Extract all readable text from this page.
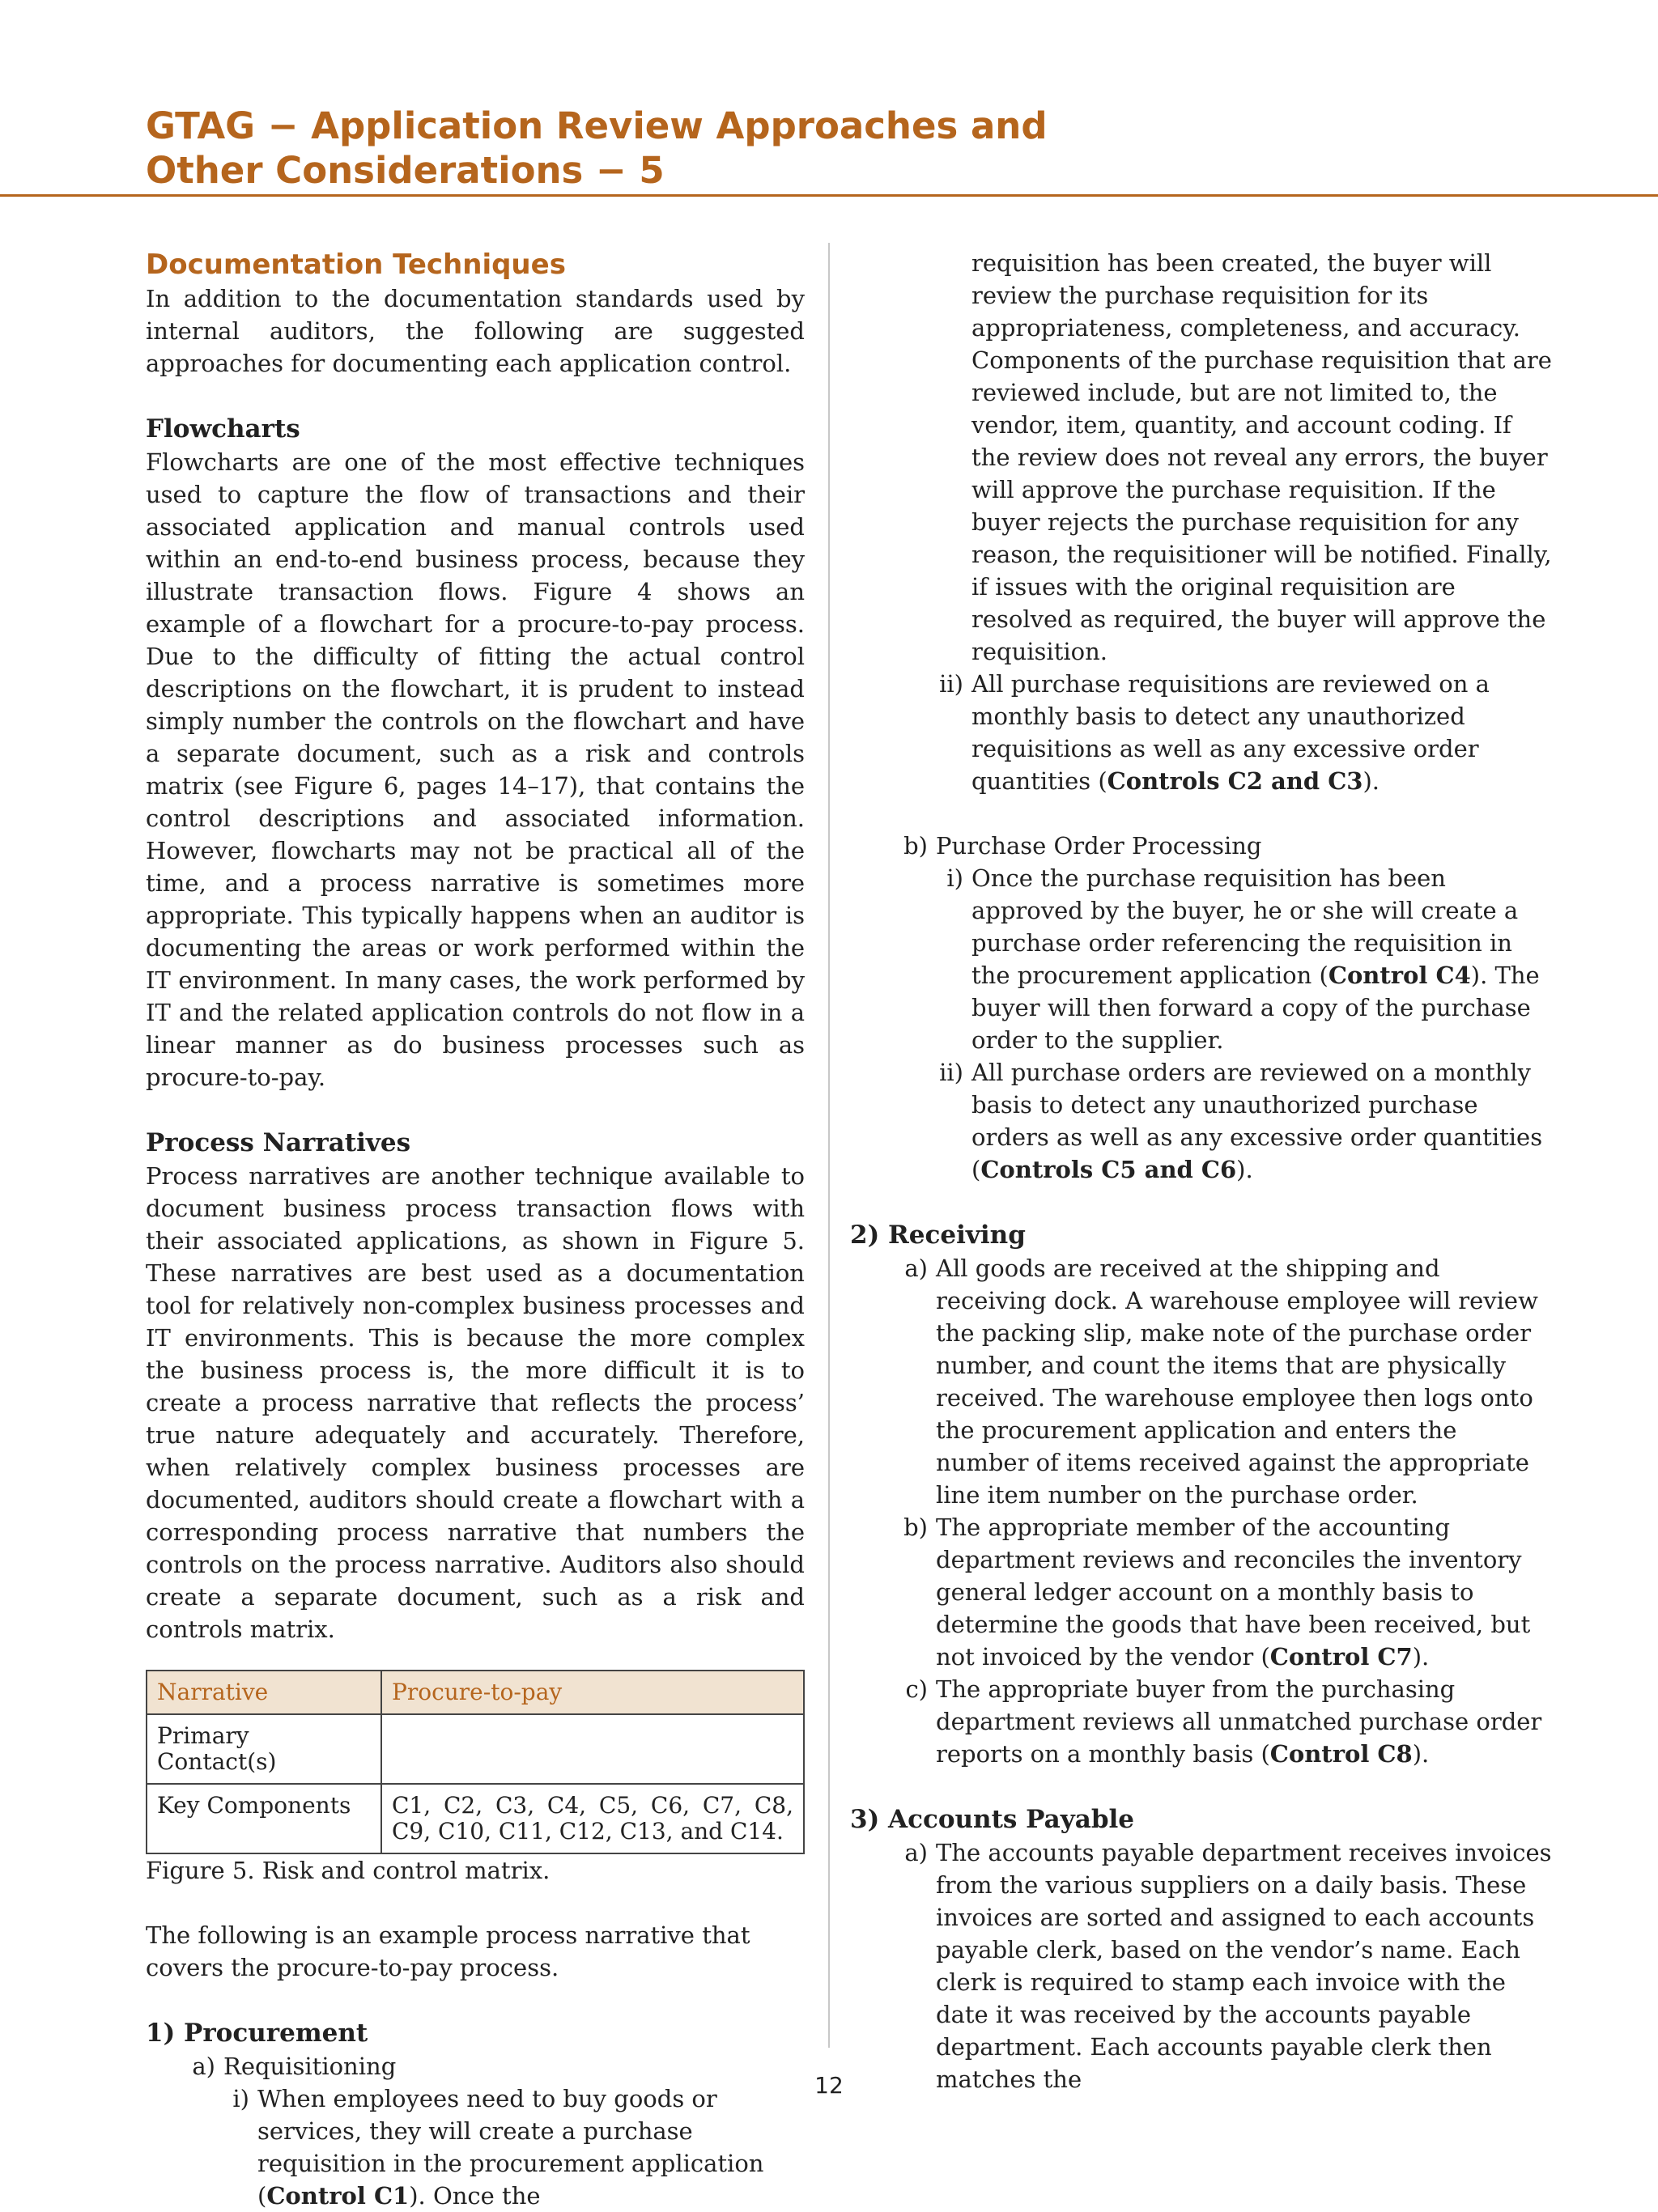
GTAG − Application Review Approaches and
Other Considerations − 5
Documentation Techniques

In addition to the documentation standards used by internal auditors, the following are suggested approaches for documenting each application control.

Flowcharts

Flowcharts are one of the most effective techniques used to capture the flow of transactions and their associated application and manual controls used within an end-to-end business process, because they illustrate transaction flows. Figure 4 shows an example of a flowchart for a procure-to-pay process. Due to the difficulty of fitting the actual control descriptions on the flowchart, it is prudent to instead simply number the controls on the flowchart and have a separate document, such as a risk and controls matrix (see Figure 6, pages 14–17), that contains the control descriptions and associated information. However, flowcharts may not be practical all of the time, and a process narrative is sometimes more appropriate. This typically happens when an auditor is documenting the areas or work performed within the IT environment. In many cases, the work performed by IT and the related application controls do not flow in a linear manner as do business processes such as procure-to-pay.

Process Narratives

Process narratives are another technique available to document business process transaction flows with their associated applications, as shown in Figure 5. These narratives are best used as a documentation tool for relatively non-complex business processes and IT environments. This is because the more complex the business process is, the more difficult it is to create a process narrative that reflects the process’ true nature adequately and accurately. Therefore, when relatively complex business processes are documented, auditors should create a flowchart with a corresponding process narrative that numbers the controls on the process narrative. Auditors also should create a separate document, such as a risk and controls matrix.

Narrative	Procure-to-pay
Primary Contact(s)	
Key Components	C1, C2, C3, C4, C5, C6, C7, C8, C9, C10, C11, C12, C13, and C14.

Figure 5. Risk and control matrix.

The following is an example process narrative that covers the procure-to-pay process.

1) Procurement
a) Requisitioning
i) When employees need to buy goods or services, they will create a purchase requisition in the procurement application (Control C1). Once the
requisition has been created, the buyer will review the purchase requisition for its appropriateness, completeness, and accuracy. Components of the purchase requisition that are reviewed include, but are not limited to, the vendor, item, quantity, and account coding. If the review does not reveal any errors, the buyer will approve the purchase requisition. If the buyer rejects the purchase requisition for any reason, the requisitioner will be notified. Finally, if issues with the original requisition are resolved as required, the buyer will approve the requisition.
ii) All purchase requisitions are reviewed on a monthly basis to detect any unauthorized requisitions as well as any excessive order quantities (Controls C2 and C3).
b) Purchase Order Processing
i) Once the purchase requisition has been approved by the buyer, he or she will create a purchase order referencing the requisition in the procurement application (Control C4). The buyer will then forward a copy of the purchase order to the supplier.
ii) All purchase orders are reviewed on a monthly basis to detect any unauthorized purchase orders as well as any excessive order quantities (Controls C5 and C6).
2) Receiving
a) All goods are received at the shipping and receiving dock. A warehouse employee will review the packing slip, make note of the purchase order number, and count the items that are physically received. The warehouse employee then logs onto the procurement application and enters the number of items received against the appropriate line item number on the purchase order.
b) The appropriate member of the accounting department reviews and reconciles the inventory general ledger account on a monthly basis to determine the goods that have been received, but not invoiced by the vendor (Control C7).
c) The appropriate buyer from the purchasing department reviews all unmatched purchase order reports on a monthly basis (Control C8).
3) Accounts Payable
a) The accounts payable department receives invoices from the various suppliers on a daily basis. These invoices are sorted and assigned to each accounts payable clerk, based on the vendor’s name. Each clerk is required to stamp each invoice with the date it was received by the accounts payable department. Each accounts payable clerk then matches the
12
